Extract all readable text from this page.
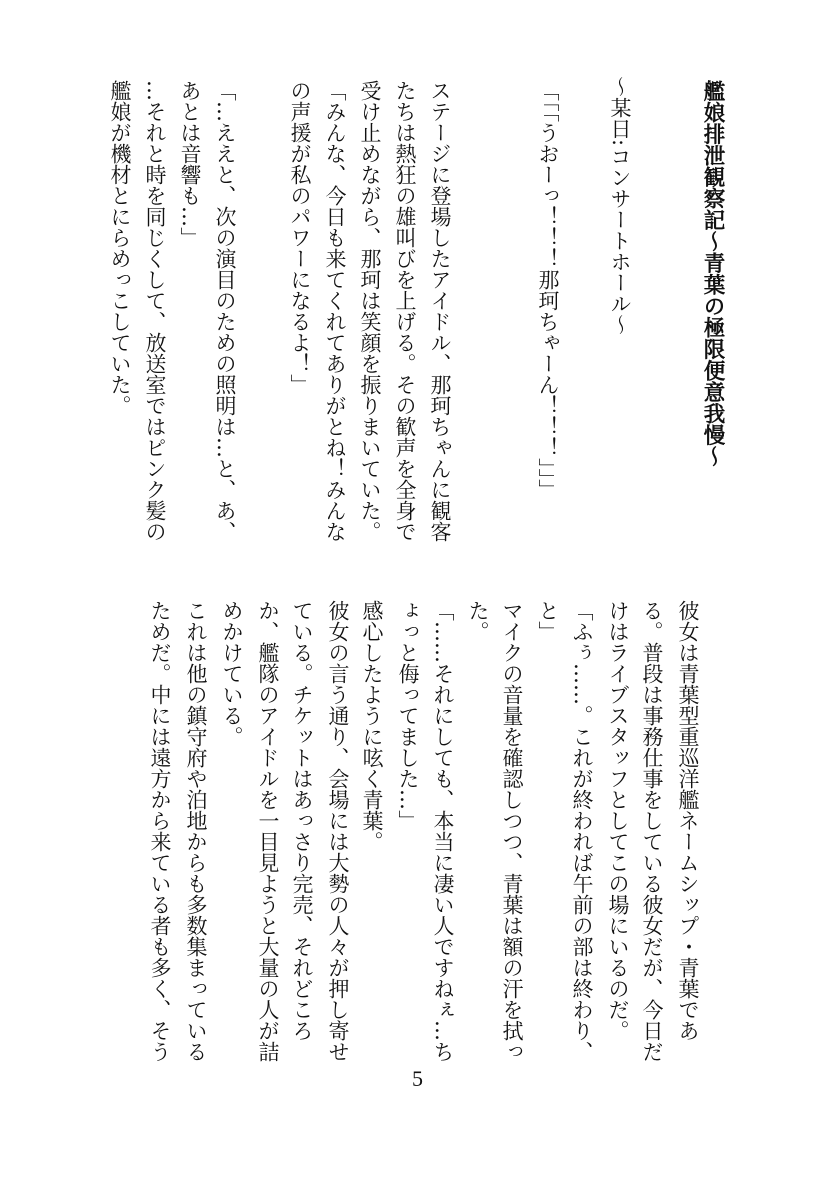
艦娘排泄観察記～青葉の極限便意我慢～
～某日:コンサートホール～
「「「うおーっ！！！那珂ちゃーん！！！」」」
ステージに登場したアイドル、那珂ちゃんに観客
たちは熱狂の雄叫びを上げる。その歓声を全身で
受け止めながら、那珂は笑顔を振りまいていた。
「みんな、今日も来てくれてありがとね！みんな
の声援が私のパワーになるよ！」
「…ええと、次の演目のための照明は…と、あ、
あとは音響も…」
…それと時を同じくして、放送室ではピンク髪の
艦娘が機材とにらめっこしていた。
彼女は青葉型重巡洋艦ネームシップ・青葉であ
る。普段は事務仕事をしている彼女だが、今日だ
けはライブスタッフとしてこの場にいるのだ。
「ふぅ……。これが終われば午前の部は終わり、
と」
マイクの音量を確認しつつ、青葉は額の汗を拭っ
た。
「……それにしても、本当に凄い人ですねぇ…ち
ょっと侮ってました…」
感心したように呟く青葉。
彼女の言う通り、会場には大勢の人々が押し寄せ
ている。チケットはあっさり完売、それどころ
か、艦隊のアイドルを一目見ようと大量の人が詰
めかけている。
これは他の鎮守府や泊地からも多数集まっている
ためだ。中には遠方から来ている者も多く、そう
5
